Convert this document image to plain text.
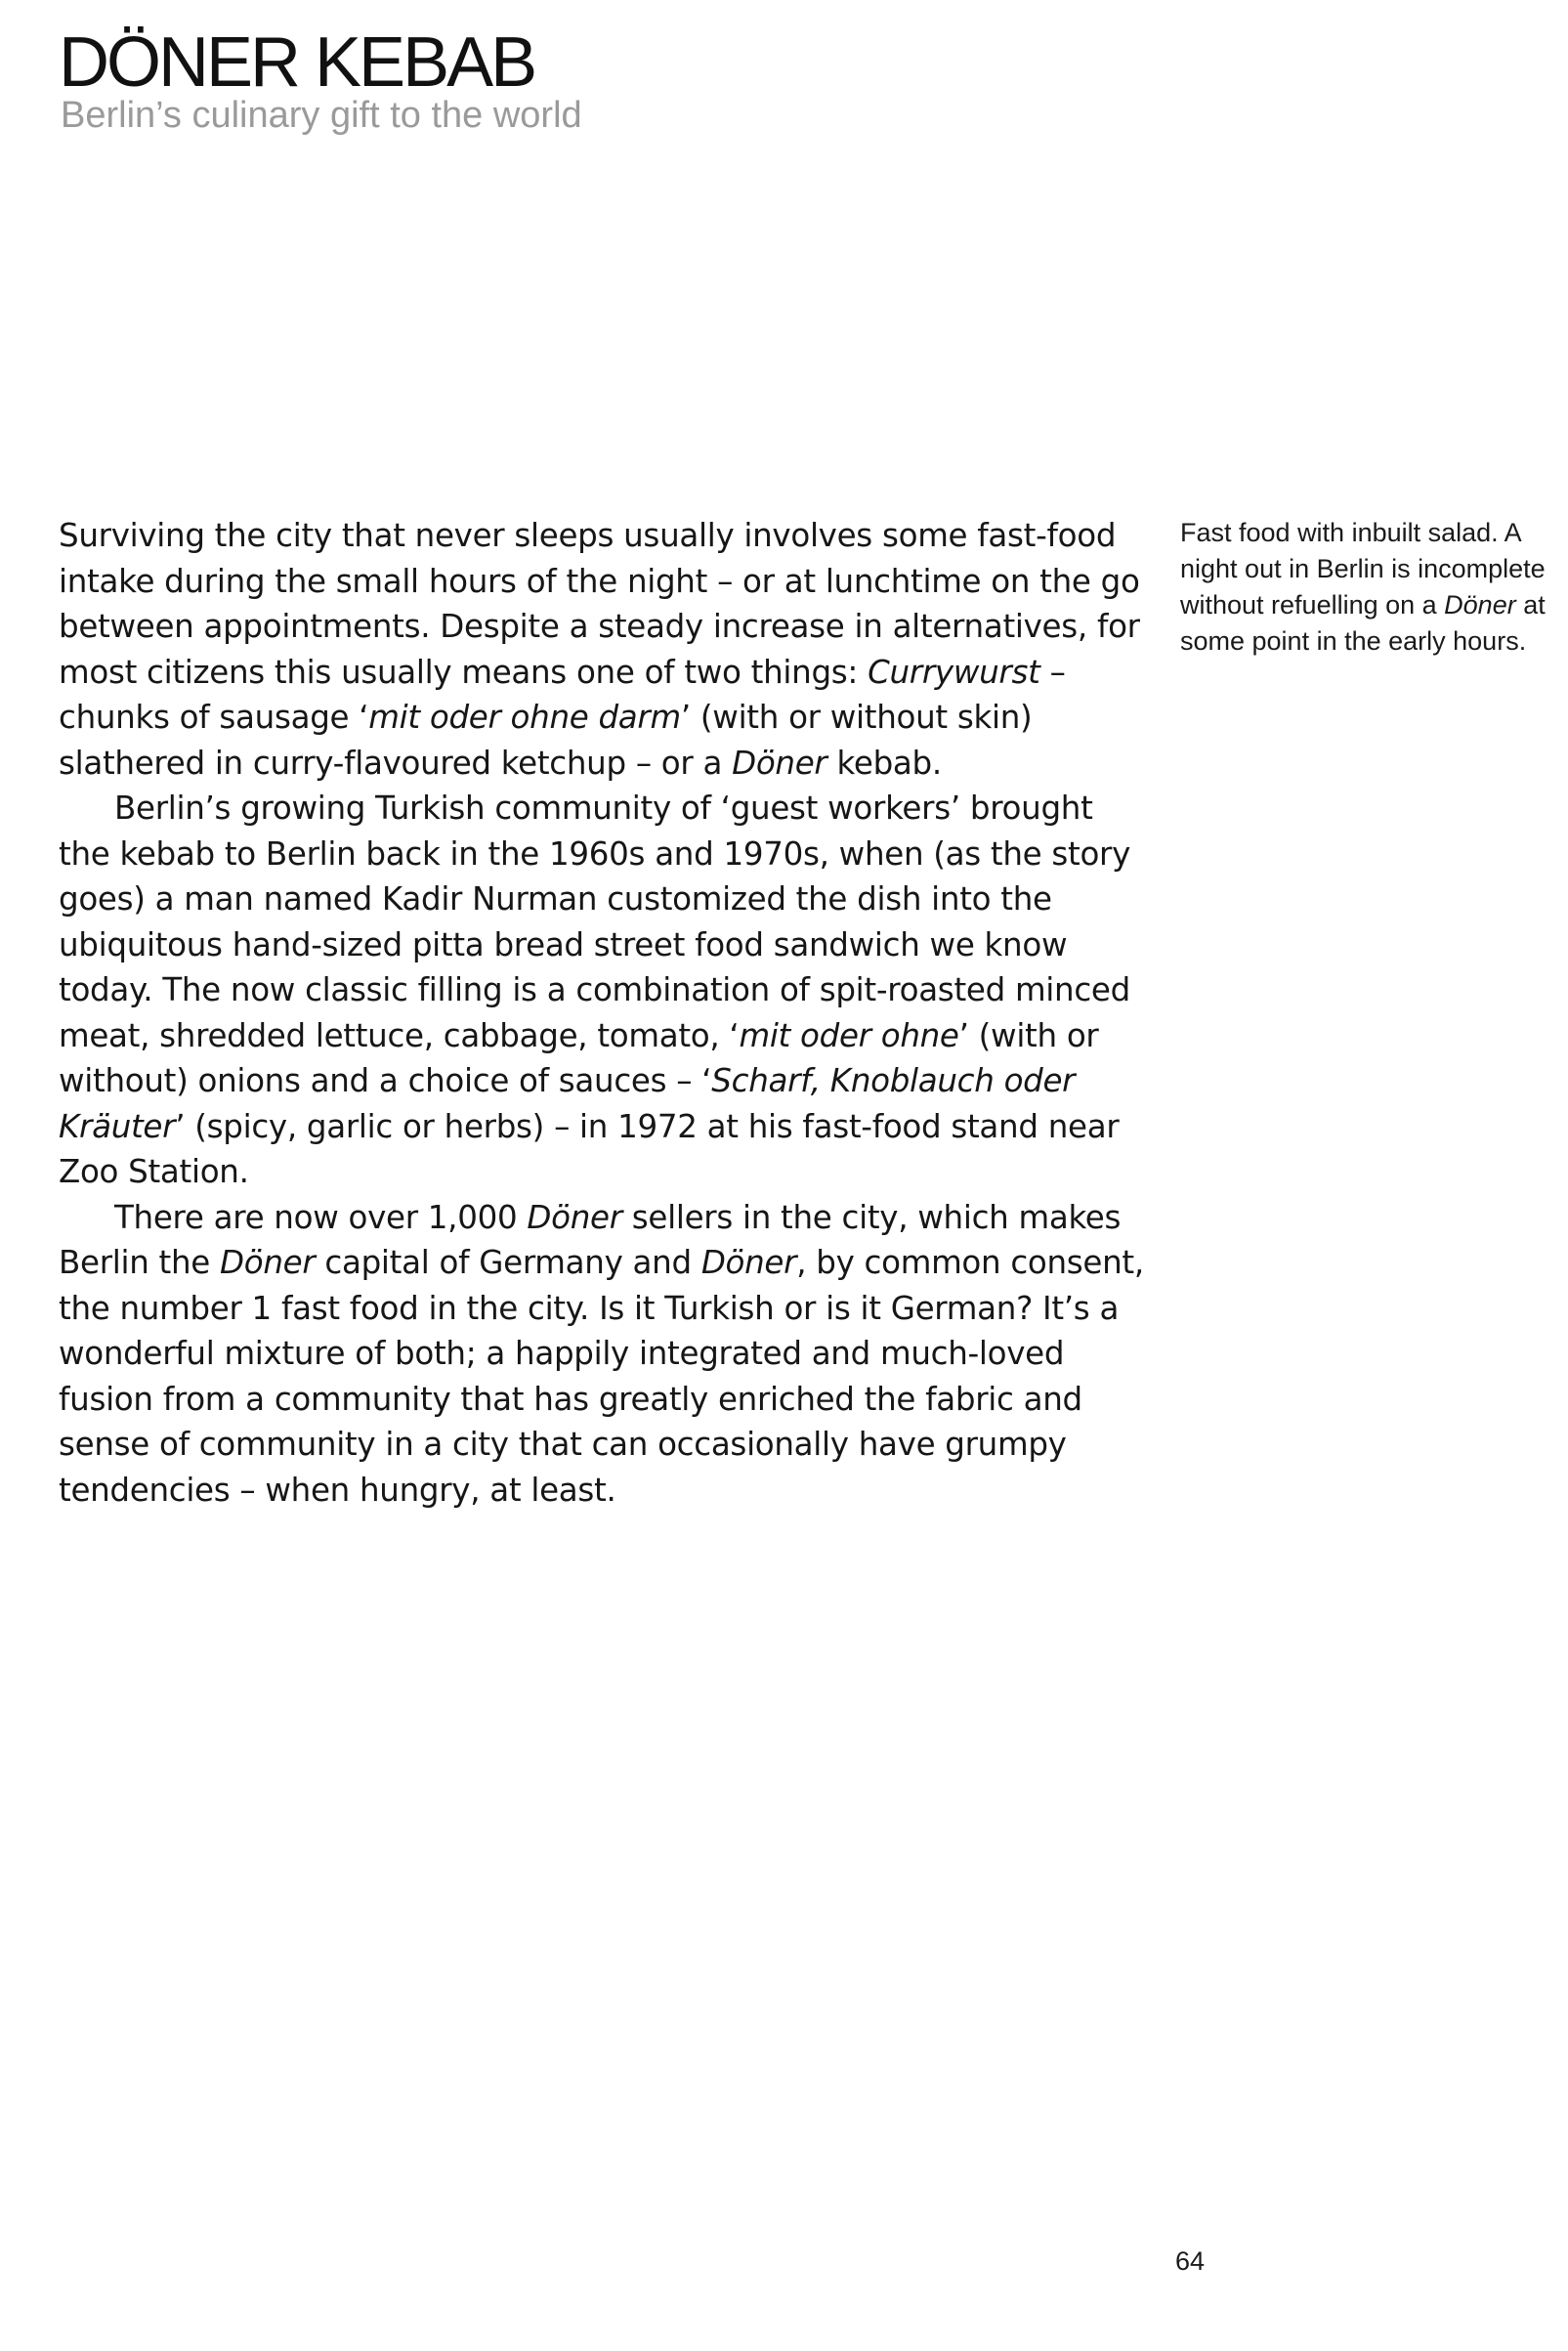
DÖNER KEBAB
Berlin’s culinary gift to the world

Surviving the city that never sleeps usually involves some fast-food intake during the small hours of the night – or at lunchtime on the go between appointments. Despite a steady increase in alternatives, for most citizens this usually means one of two things: Currywurst – chunks of sausage ‘mit oder ohne darm’ (with or without skin) slathered in curry-flavoured ketchup – or a Döner kebab.

Berlin’s growing Turkish community of ‘guest workers’ brought the kebab to Berlin back in the 1960s and 1970s, when (as the story goes) a man named Kadir Nurman customized the dish into the ubiquitous hand-sized pitta bread street food sandwich we know today. The now classic filling is a combination of spit-roasted minced meat, shredded lettuce, cabbage, tomato, ‘mit oder ohne’ (with or without) onions and a choice of sauces – ‘Scharf, Knoblauch oder Kräuter’ (spicy, garlic or herbs) – in 1972 at his fast-food stand near Zoo Station.

There are now over 1,000 Döner sellers in the city, which makes Berlin the Döner capital of Germany and Döner, by common consent, the number 1 fast food in the city. Is it Turkish or is it German? It’s a wonderful mixture of both; a happily integrated and much-loved fusion from a community that has greatly enriched the fabric and sense of community in a city that can occasionally have grumpy tendencies – when hungry, at least.

Fast food with inbuilt salad. A night out in Berlin is incomplete without refuelling on a Döner at some point in the early hours.

64
